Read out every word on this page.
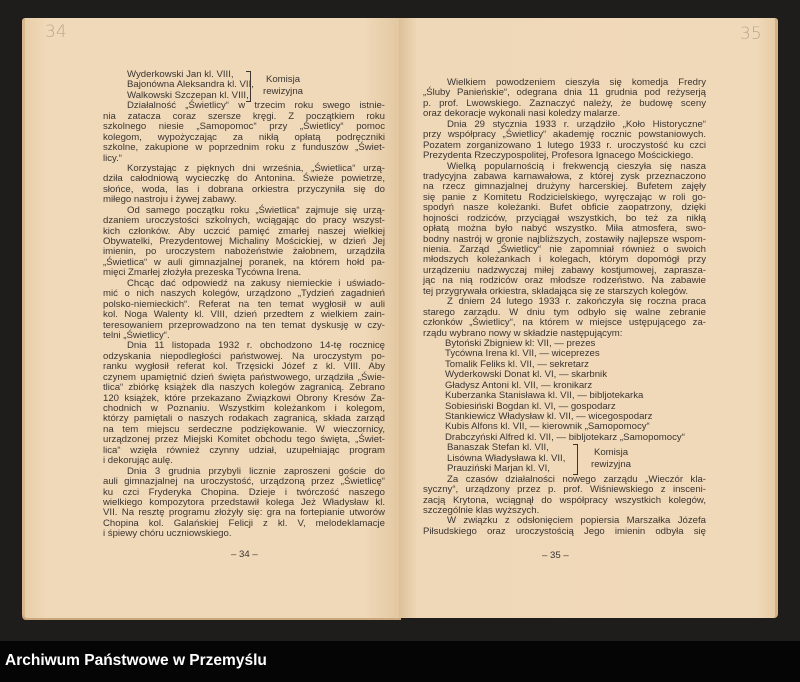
34
Wyderkowski Jan kl. VIII,
Bajonówna Aleksandra kl. VII,
Walkowski Szczepan kl. VIII,
Komisja
rewizyjna
Działalność „Świetlicy“ w trzecim roku swego istnie-
nia zatacza coraz szersze kręgi. Z początkiem roku
szkolnego niesie „Samopomoc“ przy „Świetlicy“ pomoc
kolegom, wypożyczając za nikłą opłatą podręczniki
szkolne, zakupione w poprzednim roku z funduszów „Świet-
licy.“
Korzystając z pięknych dni września, „Świetlica“ urzą-
dziła całodniową wycieczkę do Antonina. Świeże powietrze,
słońce, woda, las i dobrana orkiestra przyczyniła się do
miłego nastroju i żywej zabawy.
Od samego początku roku „Świetlica“ zajmuje się urzą-
dzaniem uroczystości szkolnych, wciągając do pracy wszyst-
kich członków. Aby uczcić pamięć zmarłej naszej wielkiej
Obywatelki, Prezydentowej Michaliny Mościckiej, w dzień Jej
imienin, po uroczystem nabożeństwie żałobnem, urządziła
„Świetlica“ w auli gimnazjalnej poranek, na którem hołd pa-
mięci Zmarłej złożyła prezeska Tycówna Irena.
Chcąc dać odpowiedź na zakusy niemieckie i uświado-
mić o nich naszych kolegów, urządzono „Tydzień zagadnień
polsko-niemieckich“. Referat na ten temat wygłosił w auli
kol. Noga Walenty kl. VIII, dzień przedtem z wielkiem zain-
teresowaniem przeprowadzono na ten temat dyskusję w czy-
telni „Świetlicy“.
Dnia 11 listopada 1932 r. obchodzono 14-tę rocznicę
odzyskania niepodległości państwowej. Na uroczystym po-
ranku wygłosił referat kol. Trzęsicki Józef z kl. VIII. Aby
czynem upamiętnić dzień święta państwowego, urządziła „Świe-
tlica“ zbiórkę książek dla naszych kolegów zagranicą. Zebrano
120 książek, które przekazano Związkowi Obrony Kresów Za-
chodnich w Poznaniu. Wszystkim koleżankom i kolegom,
którzy pamiętali o naszych rodakach zagranicą, składa zarząd
na tem miejscu serdeczne podziękowanie. W wieczornicy,
urządzonej przez Miejski Komitet obchodu tego święta, „Świet-
lica“ wzięła również czynny udział, uzupełniając program
i dekorując aulę.
Dnia 3 grudnia przybyli licznie zaproszeni goście do
auli gimnazjalnej na uroczystość, urządzoną przez „Świetlicę“
ku czci Fryderyka Chopina. Dzieje i twórczość naszego
wielkiego kompozytora przedstawił kolega Jeż Władysław kl.
VII. Na resztę programu złożyły się: gra na fortepianie utworów
Chopina kol. Galańskiej Felicji z kl. V, melodeklamacje
i śpiewy chóru uczniowskiego.
– 34 –
35
Wielkiem powodzeniem cieszyła się komedja Fredry
„Śluby Panieńskie“, odegrana dnia 11 grudnia pod reżyserją
p. prof. Lwowskiego. Zaznaczyć należy, że budowę sceny
oraz dekoracje wykonali nasi koledzy malarze.
Dnia 29 stycznia 1933 r. urządziło „Koło Historyczne“
przy współpracy „Świetlicy“ akademję rocznic powstaniowych.
Pozatem zorganizowano 1 lutego 1933 r. uroczystość ku czci
Prezydenta Rzeczypospolitej, Profesora Ignacego Mościckiego.
Wielką popularnością i frekwencją cieszyła się nasza
tradycyjna zabawa karnawałowa, z której zysk przeznaczono
na rzecz gimnazjalnej drużyny harcerskiej. Bufetem zajęły
się panie z Komitetu Rodzicielskiego, wyręczając w roli go-
spodyń nasze koleżanki. Bufet obficie zaopatrzony, dzięki
hojności rodziców, przyciągał wszystkich, bo też za nikłą
opłatą można było nabyć wszystko. Miła atmosfera, swo-
bodny nastrój w gronie najbliższych, zostawiły najlepsze wspom-
nienia. Zarząd „Świetlicy“ nie zapomniał również o swoich
młodszych koleżankach i kolegach, którym dopomógł przy
urządzeniu nadzwyczaj miłej zabawy kostjumowej, zaprasza-
jąc na nią rodziców oraz młodsze rodzeństwo. Na zabawie
tej przygrywała orkiestra, składająca się ze starszych kolegów.
Z dniem 24 lutego 1933 r. zakończyła się roczna praca
starego zarządu. W dniu tym odbyło się walne zebranie
członków „Świetlicy“, na którem w miejsce ustępującego za-
rządu wybrano nowy w składzie następującym:
Bytoński Zbigniew kl: VII, — prezes
Tycówna Irena kl. VII, — wiceprezes
Tomalik Feliks kl. VII, — sekretarz
Wyderkowski Donat kl. VI, — skarbnik
Gładysz Antoni kl. VII, — kronikarz
Kuberzanka Stanisława kl. VII, — bibljotekarka
Sobiesiński Bogdan kl. VI, — gospodarz
Stankiewicz Władysław kl. VII, — wicegospodarz
Kubis Alfons kl. VII, — kierownik „Samopomocy“
Drabczyński Alfred kl. VII, — bibljotekarz „Samopomocy“
Banaszak Stefan kl. VII,
Lisówna Władysława kl. VII,
Prauziński Marjan kl. VI,
Komisja
rewizyjna
Za czasów działalności nowego zarządu „Wieczór kla-
syczny“, urządzony przez p. prof. Wiśniewskiego z insceni-
zacją Krytona, wciągnął do współpracy wszystkich kolegów,
szczególnie klas wyższych.
W związku z odsłonięciem popiersia Marszałka Józefa
Piłsudskiego oraz uroczystością Jego imienin odbyła się
– 35 –
Archiwum Państwowe w Przemyślu
